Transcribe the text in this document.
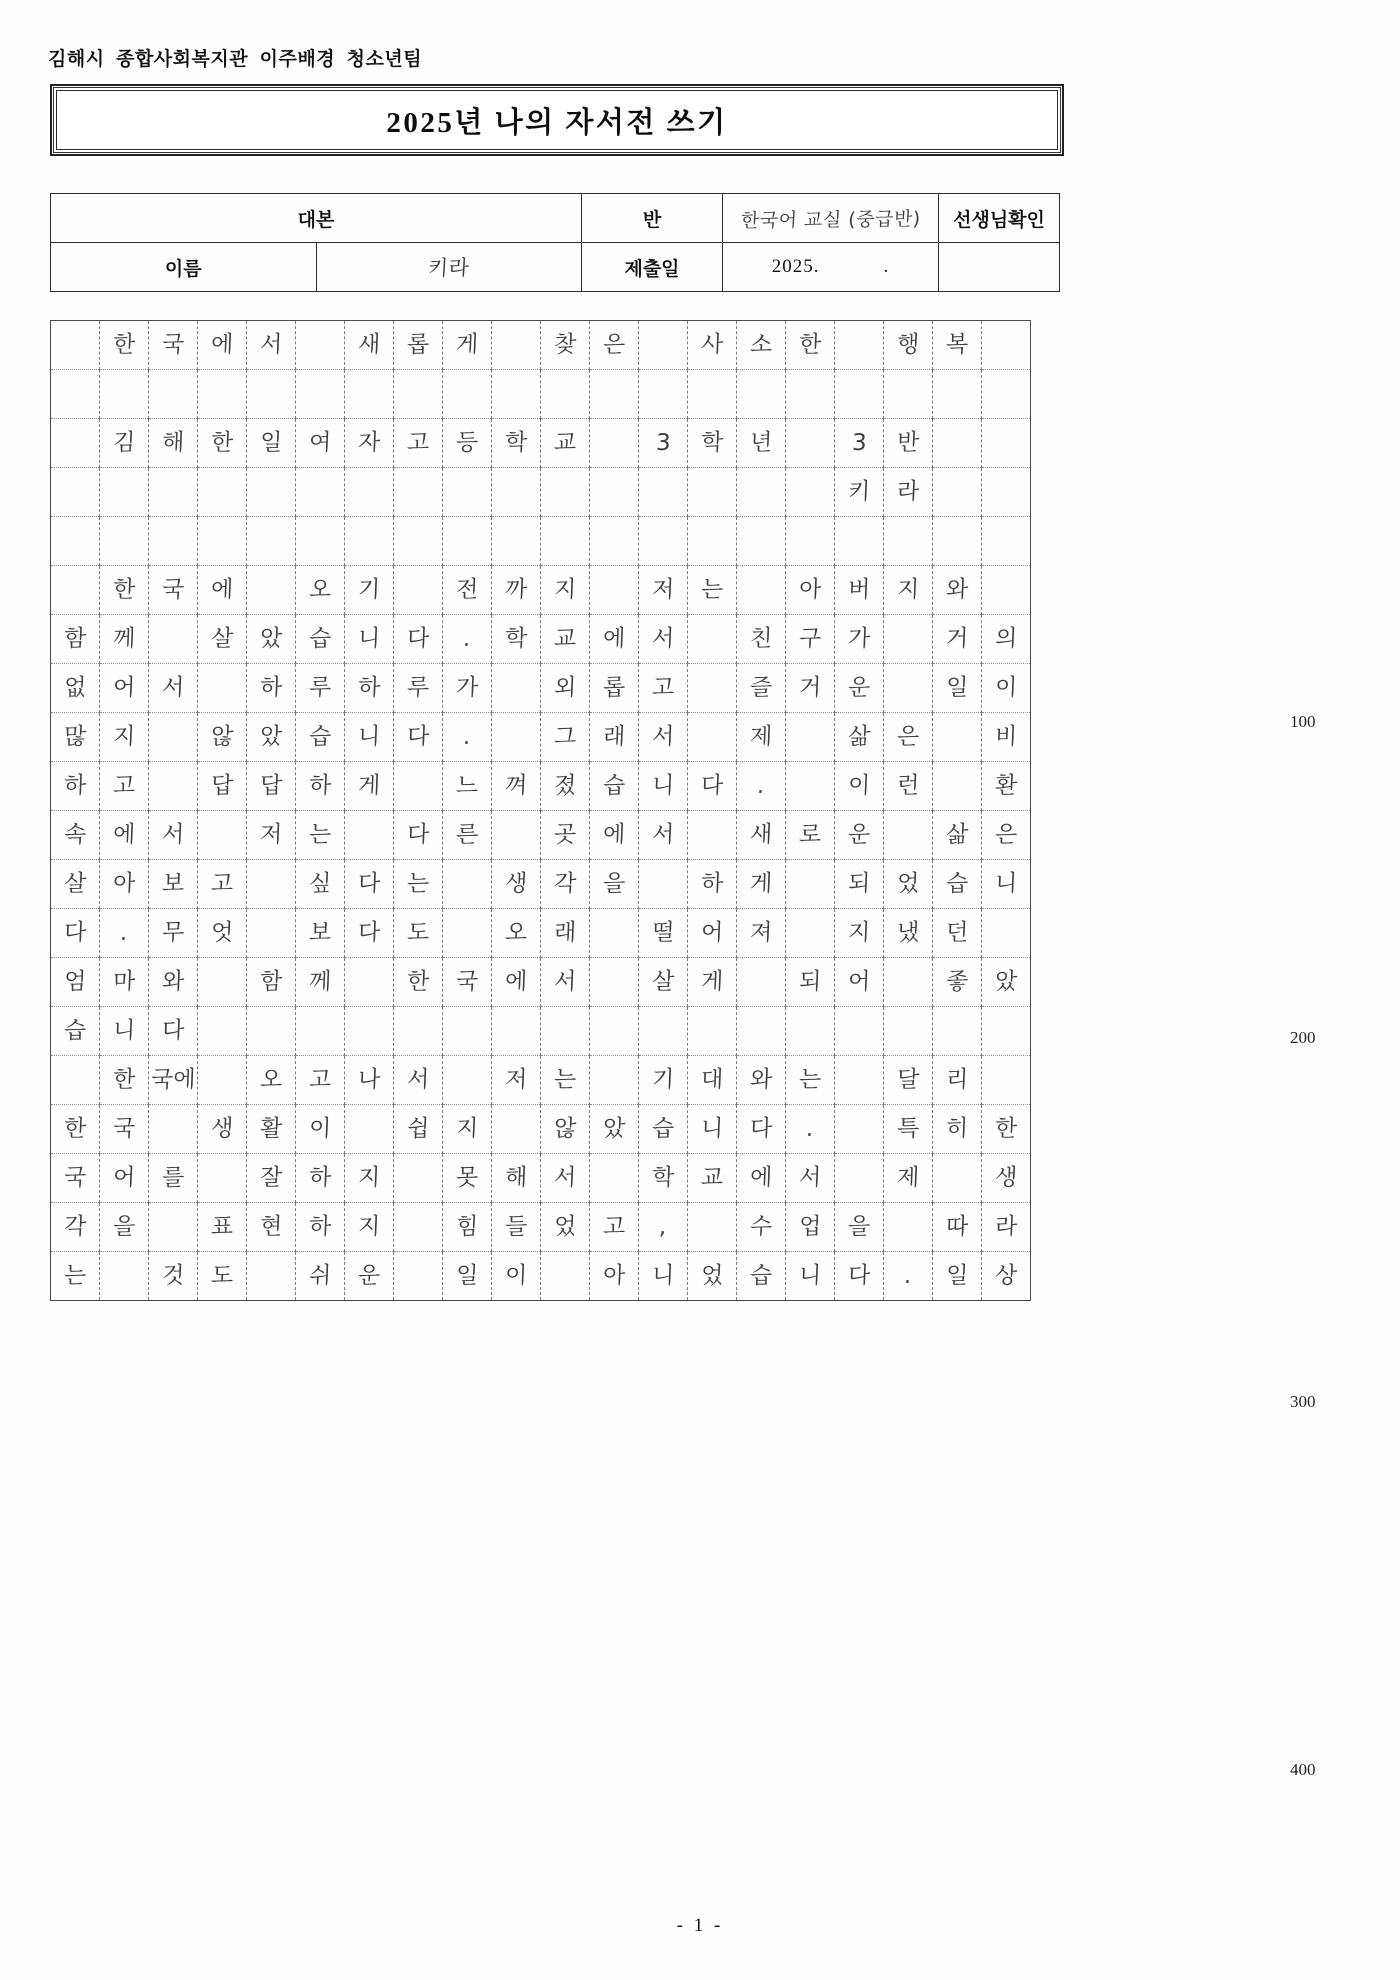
김해시  종합사회복지관  이주배경  청소년팀
2025년 나의 자서전 쓰기
대본		반	한국어 교실 (중급반)	선생님확인
이름	키라	제출일	2025. .	

	한	국	에	서		새	롭	게		찾	은		사	소	한		행	복	

	김	해	한	일	여	자	고	등	학	교		3	학	년		3	반		
																키	라		

	한	국	에		오	기		전	까	지		저	는		아	버	지	와	
함	께		살	았	습	니	다	.	학	교	에	서		친	구	가		거	의
없	어	서		하	루	하	루	가		외	롭	고		즐	거	운		일	이
많	지		않	았	습	니	다	.		그	래	서		제		삶	은		비
하	고		답	답	하	게		느	껴	졌	습	니	다	.		이	런		환
속	에	서		저	는		다	른		곳	에	서		새	로	운		삶	은
살	아	보	고		싶	다	는		생	각	을		하	게		되	었	습	니
다	.	무	엇		보	다	도		오	래		떨	어	져		지	냈	던	
엄	마	와		함	께		한	국	에	서		살	게		되	어		좋	았
습	니	다																	
	한	국에		오	고	나	서		저	는		기	대	와	는		달	리	
한	국		생	활	이		쉽	지		않	았	습	니	다	.		특	히	한
국	어	를		잘	하	지		못	해	서		학	교	에	서		제		생
각	을		표	현	하	지		힘	들	었	고	,		수	업	을		따	라
는		것	도		쉬	운		일	이		아	니	었	습	니	다	.	일	상
100
200
300
400
- 1 -
